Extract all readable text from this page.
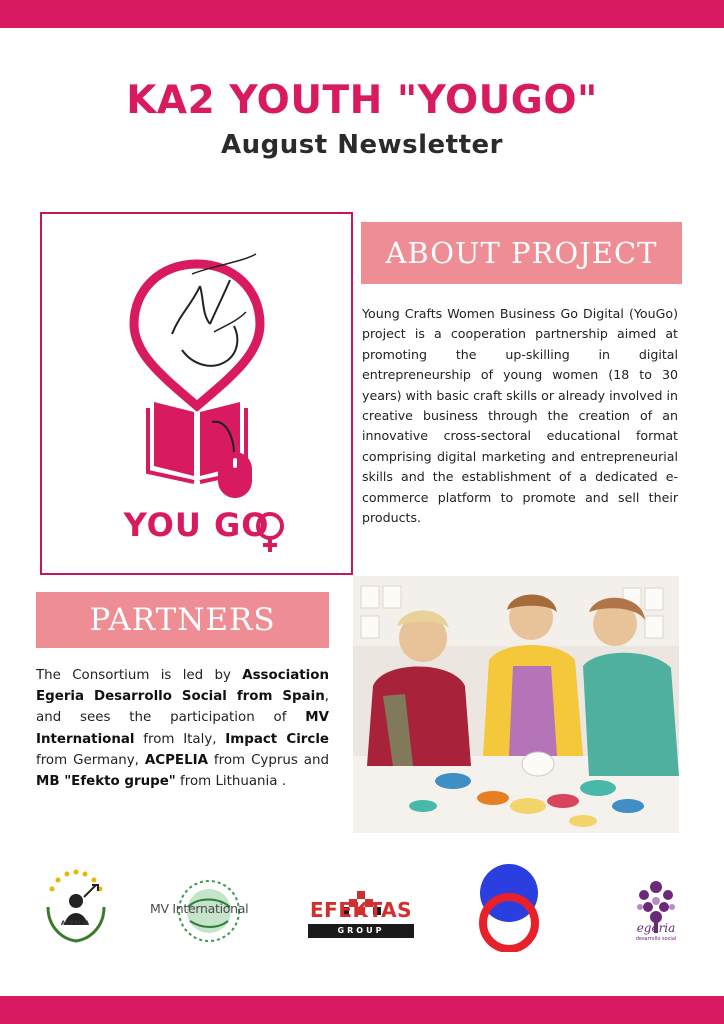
KA2 YOUTH "YOUGO"
August Newsletter
YOU GO
ABOUT PROJECT

Young Crafts Women Business Go Digital (YouGo) project is a cooperation partnership aimed at promoting the up-skilling in digital entrepreneurship of young women (18 to 30 years) with basic craft skills or already involved in creative business through the creation of an innovative cross-sectoral educational format comprising digital marketing and entrepreneurial skills and the establishment of a dedicated e-commerce platform to promote and sell their products.

PARTNERS

The Consortium is led by Association Egeria Desarrollo Social from Spain, and sees the participation of MV International from Italy, Impact Circle from Germany, ACPELIA from Cyprus and MB "Efekto grupe" from Lithuania .

ACPELIA
MV International	EFEKTAS
GROUP	egeria
desarrollo social
